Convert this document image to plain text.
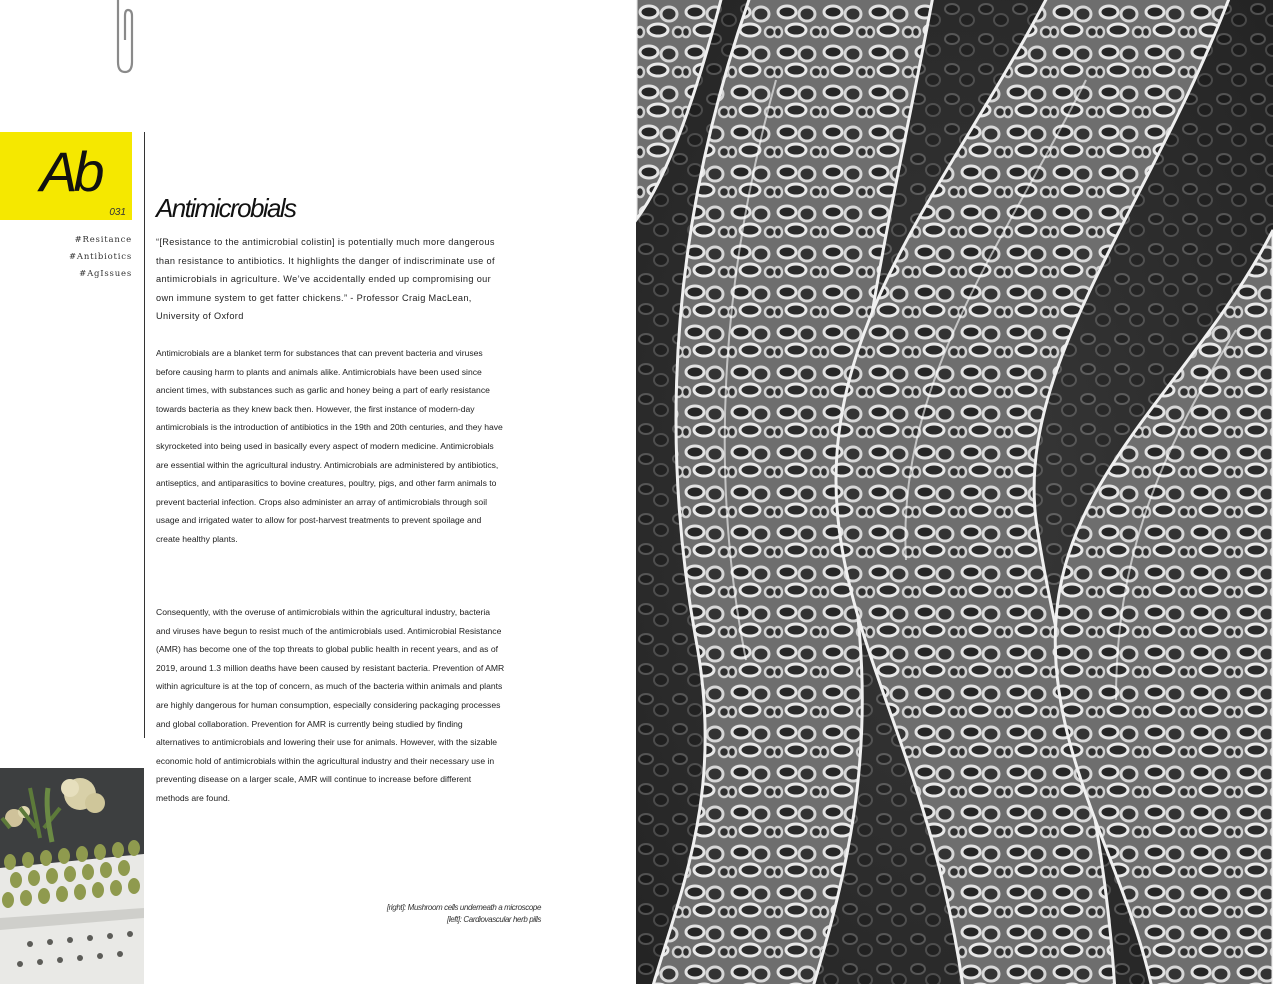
Ab
031
#Resitance
#Antibiotics
#AgIssues
Antimicrobials

“[Resistance to the antimicrobial colistin] is potentially much more dangerous than resistance to antibiotics. It highlights the danger of indiscriminate use of antimicrobials in agriculture. We’ve accidentally ended up compromising our own immune system to get fatter chickens.” - Professor Craig MacLean, University of Oxford

Antimicrobials are a blanket term for substances that can prevent bacteria and viruses before causing harm to plants and animals alike. Antimicrobials have been used since ancient times, with substances such as garlic and honey being a part of early resistance towards bacteria as they knew back then. However, the first instance of modern-day antimicrobials is the introduction of antibiotics in the 19th and 20th centuries, and they have skyrocketed into being used in basically every aspect of modern medicine. Antimicrobials are essential within the agricultural industry. Antimicrobials are administered by antibiotics, antiseptics, and antiparasitics to bovine creatures, poultry, pigs, and other farm animals to prevent bacterial infection. Crops also administer an array of antimicrobials through soil usage and irrigated water to allow for post-harvest treatments to prevent spoilage and create healthy plants.

Consequently, with the overuse of antimicrobials within the agricultural industry, bacteria and viruses have begun to resist much of the antimicrobials used. Antimicrobial Resistance (AMR) has become one of the top threats to global public health in recent years, and as of 2019, around 1.3 million deaths have been caused by resistant bacteria. Prevention of AMR within agriculture is at the top of concern, as much of the bacteria within animals and plants are highly dangerous for human consumption, especially considering packaging processes and global collaboration. Prevention for AMR is currently being studied by finding alternatives to antimicrobials and lowering their use for animals. However, with the sizable economic hold of antimicrobials within the agricultural industry and their necessary use in preventing disease on a larger scale, AMR will continue to increase before different methods are found.

[right]: Mushroom cells underneath a microscope
[left]: Cardiovascular herb pills
